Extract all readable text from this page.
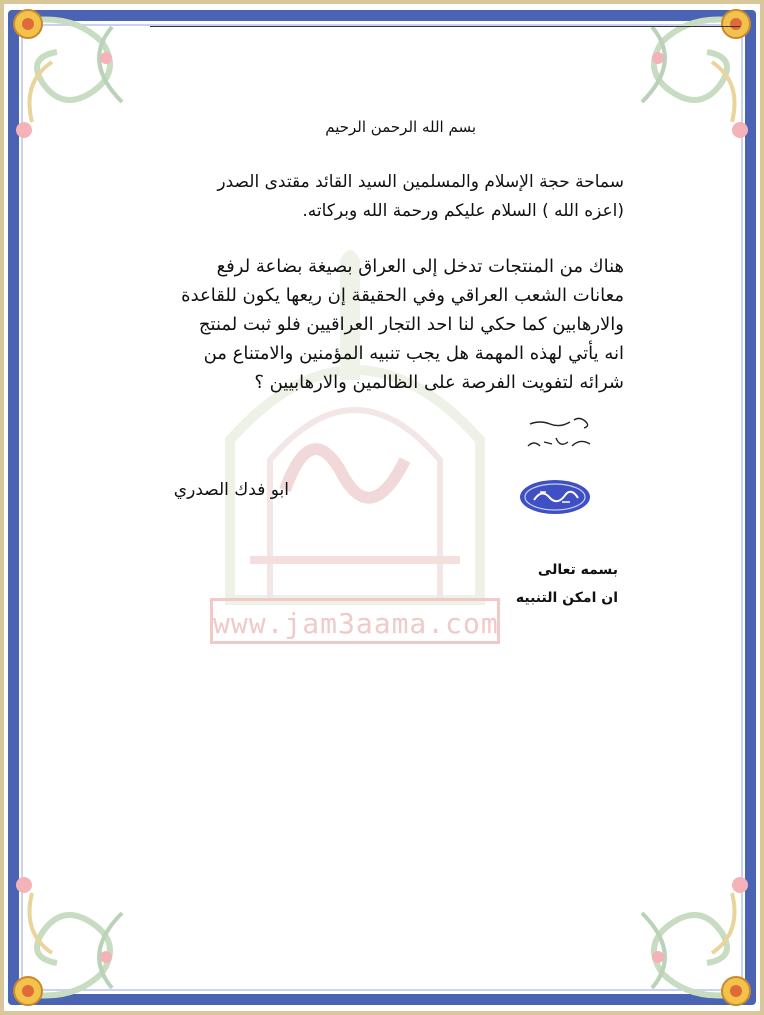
www.jam3aama.com
بسم الله الرحمن الرحيم
سماحة حجة الإسلام والمسلمين السيد القائد مقتدى الصدر
(اعزه الله ) السلام عليكم ورحمة الله وبركاته.
هناك من المنتجات تدخل إلى العراق بصيغة بضاعة لرفع
معانات الشعب العراقي وفي الحقيقة إن ريعها يكون للقاعدة
والارهابين كما حكي لنا احد التجار العراقيين فلو ثبت لمنتج
انه يأتي لهذه المهمة هل يجب تنبيه المؤمنين والامتناع من
شرائه لتفويت الفرصة على الظالمين والارهابيين ؟
ابو فدك الصدري
بسمه تعالى
ان امكن التنبيه
